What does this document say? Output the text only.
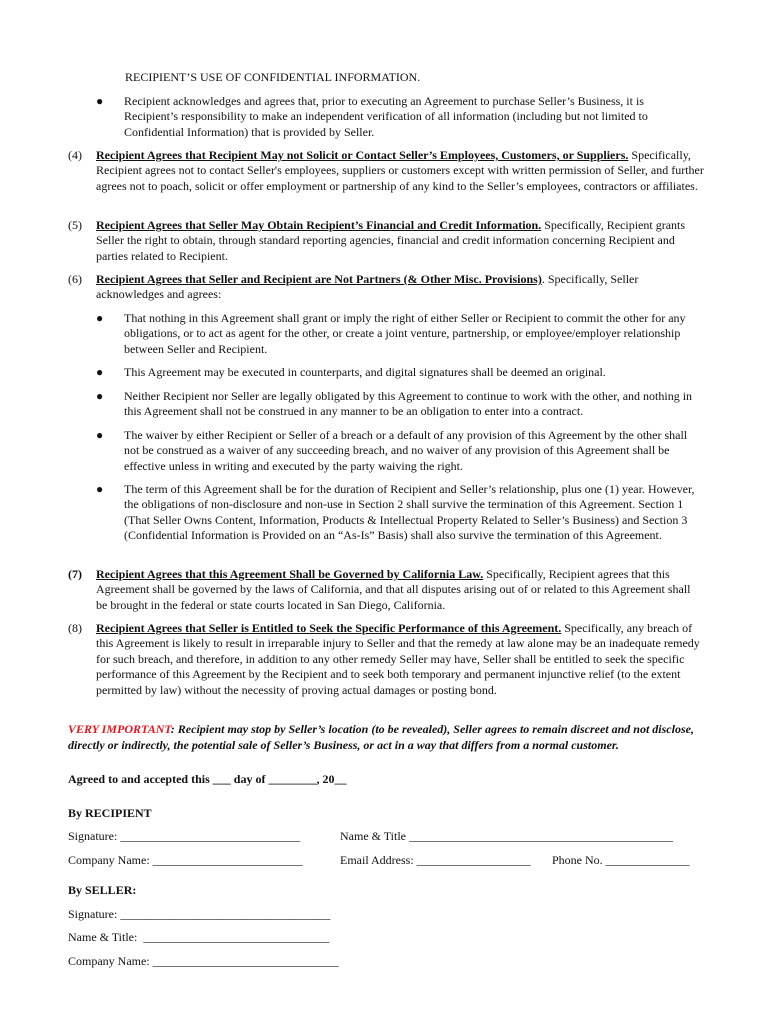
RECIPIENT’S USE OF CONFIDENTIAL INFORMATION.
●	Recipient acknowledges and agrees that, prior to executing an Agreement to purchase Seller’s Business, it is Recipient’s responsibility to make an independent verification of all information (including but not limited to Confidential Information) that is provided by Seller.
(4)	Recipient Agrees that Recipient May not Solicit or Contact Seller’s Employees, Customers, or Suppliers. Specifically, Recipient agrees not to contact Seller's employees, suppliers or customers except with written permission of Seller, and further agrees not to poach, solicit or offer employment or partnership of any kind to the Seller’s employees, contractors or affiliates.
(5)	Recipient Agrees that Seller May Obtain Recipient’s Financial and Credit Information. Specifically, Recipient grants Seller the right to obtain, through standard reporting agencies, financial and credit information concerning Recipient and parties related to Recipient.
(6)	Recipient Agrees that Seller and Recipient are Not Partners (& Other Misc. Provisions). Specifically, Seller acknowledges and agrees:
●	That nothing in this Agreement shall grant or imply the right of either Seller or Recipient to commit the other for any obligations, or to act as agent for the other, or create a joint venture, partnership, or employee/employer relationship between Seller and Recipient.
●	This Agreement may be executed in counterparts, and digital signatures shall be deemed an original.
●	Neither Recipient nor Seller are legally obligated by this Agreement to continue to work with the other, and nothing in this Agreement shall not be construed in any manner to be an obligation to enter into a contract.
●	The waiver by either Recipient or Seller of a breach or a default of any provision of this Agreement by the other shall not be construed as a waiver of any succeeding breach, and no waiver of any provision of this Agreement shall be effective unless in writing and executed by the party waiving the right.
●	The term of this Agreement shall be for the duration of Recipient and Seller’s relationship, plus one (1) year. However, the obligations of non-disclosure and non-use in Section 2 shall survive the termination of this Agreement. Section 1 (That Seller Owns Content, Information, Products & Intellectual Property Related to Seller’s Business) and Section 3 (Confidential Information is Provided on an “As-Is” Basis) shall also survive the termination of this Agreement.
(7)	Recipient Agrees that this Agreement Shall be Governed by California Law. Specifically, Recipient agrees that this Agreement shall be governed by the laws of California, and that all disputes arising out of or related to this Agreement shall be brought in the federal or state courts located in San Diego, California.
(8)	Recipient Agrees that Seller is Entitled to Seek the Specific Performance of this Agreement. Specifically, any breach of this Agreement is likely to result in irreparable injury to Seller and that the remedy at law alone may be an inadequate remedy for such breach, and therefore, in addition to any other remedy Seller may have, Seller shall be entitled to seek the specific performance of this Agreement by the Recipient and to seek both temporary and permanent injunctive relief (to the extent permitted by law) without the necessity of proving actual damages or posting bond.
VERY IMPORTANT: Recipient may stop by Seller’s location (to be revealed), Seller agrees to remain discreet and not disclose, directly or indirectly, the potential sale of Seller’s Business, or act in a way that differs from a normal customer.
Agreed to and accepted this ___ day of ________, 20__
By RECIPIENT
Signature: ______________________________	Name & Title ____________________________________________
Company Name: _________________________	Email Address: ___________________ Phone No. ______________
By SELLER:
Signature: ___________________________________
Name & Title:  _______________________________
Company Name: _______________________________
